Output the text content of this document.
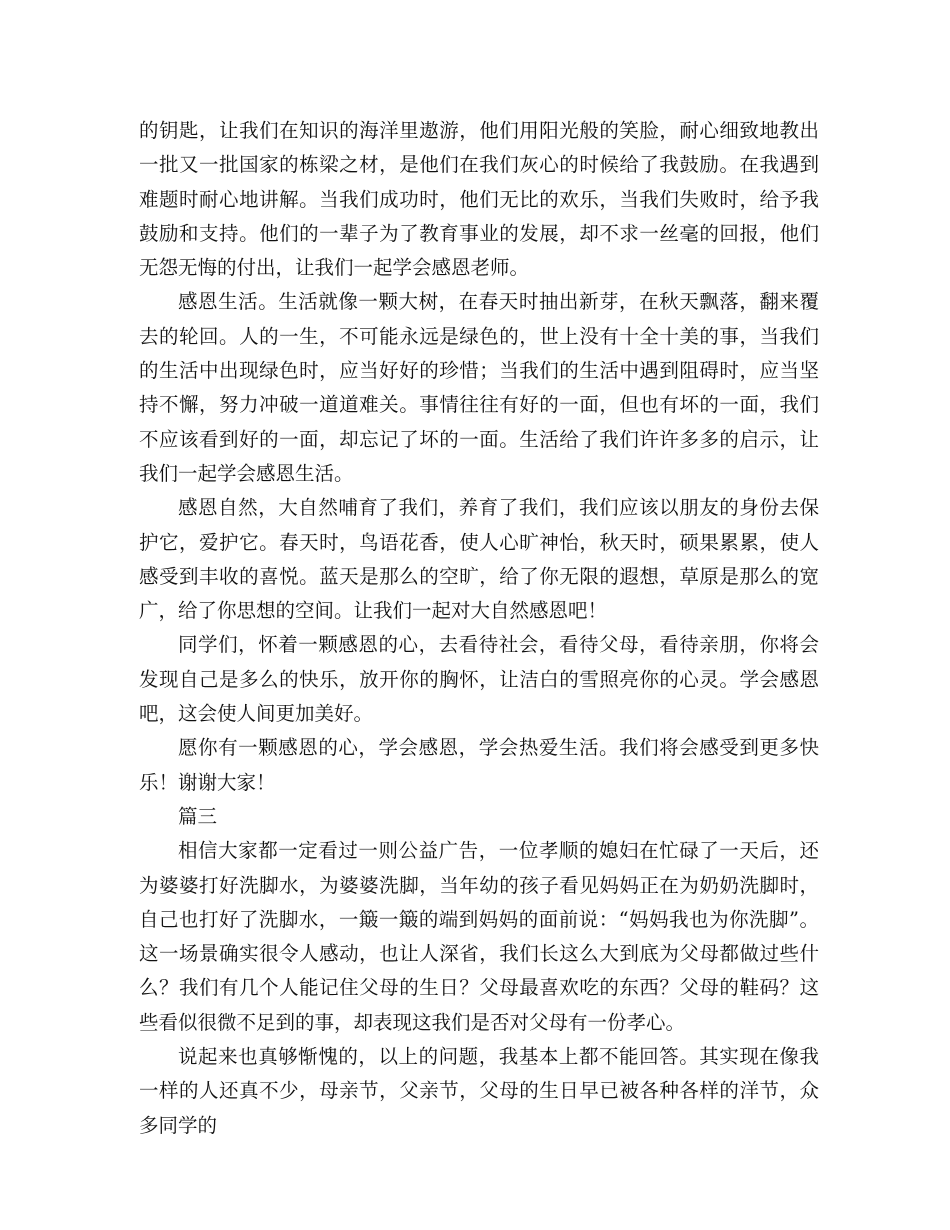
的钥匙，让我们在知识的海洋里遨游，他们用阳光般的笑脸，耐心细致地教出一批又一批国家的栋梁之材，是他们在我们灰心的时候给了我鼓励。在我遇到难题时耐心地讲解。当我们成功时，他们无比的欢乐，当我们失败时，给予我鼓励和支持。他们的一辈子为了教育事业的发展，却不求一丝毫的回报，他们无怨无悔的付出，让我们一起学会感恩老师。

感恩生活。生活就像一颗大树，在春天时抽出新芽，在秋天飘落，翻来覆去的轮回。人的一生，不可能永远是绿色的，世上没有十全十美的事，当我们的生活中出现绿色时，应当好好的珍惜；当我们的生活中遇到阻碍时，应当坚持不懈，努力冲破一道道难关。事情往往有好的一面，但也有坏的一面，我们不应该看到好的一面，却忘记了坏的一面。生活给了我们许许多多的启示，让我们一起学会感恩生活。

感恩自然，大自然哺育了我们，养育了我们，我们应该以朋友的身份去保护它，爱护它。春天时，鸟语花香，使人心旷神怡，秋天时，硕果累累，使人感受到丰收的喜悦。蓝天是那么的空旷，给了你无限的遐想，草原是那么的宽广，给了你思想的空间。让我们一起对大自然感恩吧！

同学们，怀着一颗感恩的心，去看待社会，看待父母，看待亲朋，你将会发现自己是多么的快乐，放开你的胸怀，让洁白的雪照亮你的心灵。学会感恩吧，这会使人间更加美好。

愿你有一颗感恩的心，学会感恩，学会热爱生活。我们将会感受到更多快乐！谢谢大家！

篇三

相信大家都一定看过一则公益广告，一位孝顺的媳妇在忙碌了一天后，还为婆婆打好洗脚水，为婆婆洗脚，当年幼的孩子看见妈妈正在为奶奶洗脚时，自己也打好了洗脚水，一簸一簸的端到妈妈的面前说：“妈妈我也为你洗脚”。这一场景确实很令人感动，也让人深省，我们长这么大到底为父母都做过些什么？我们有几个人能记住父母的生日？父母最喜欢吃的东西？父母的鞋码？这些看似很微不足到的事，却表现这我们是否对父母有一份孝心。

说起来也真够惭愧的，以上的问题，我基本上都不能回答。其实现在像我一样的人还真不少，母亲节，父亲节，父母的生日早已被各种各样的洋节，众多同学的
